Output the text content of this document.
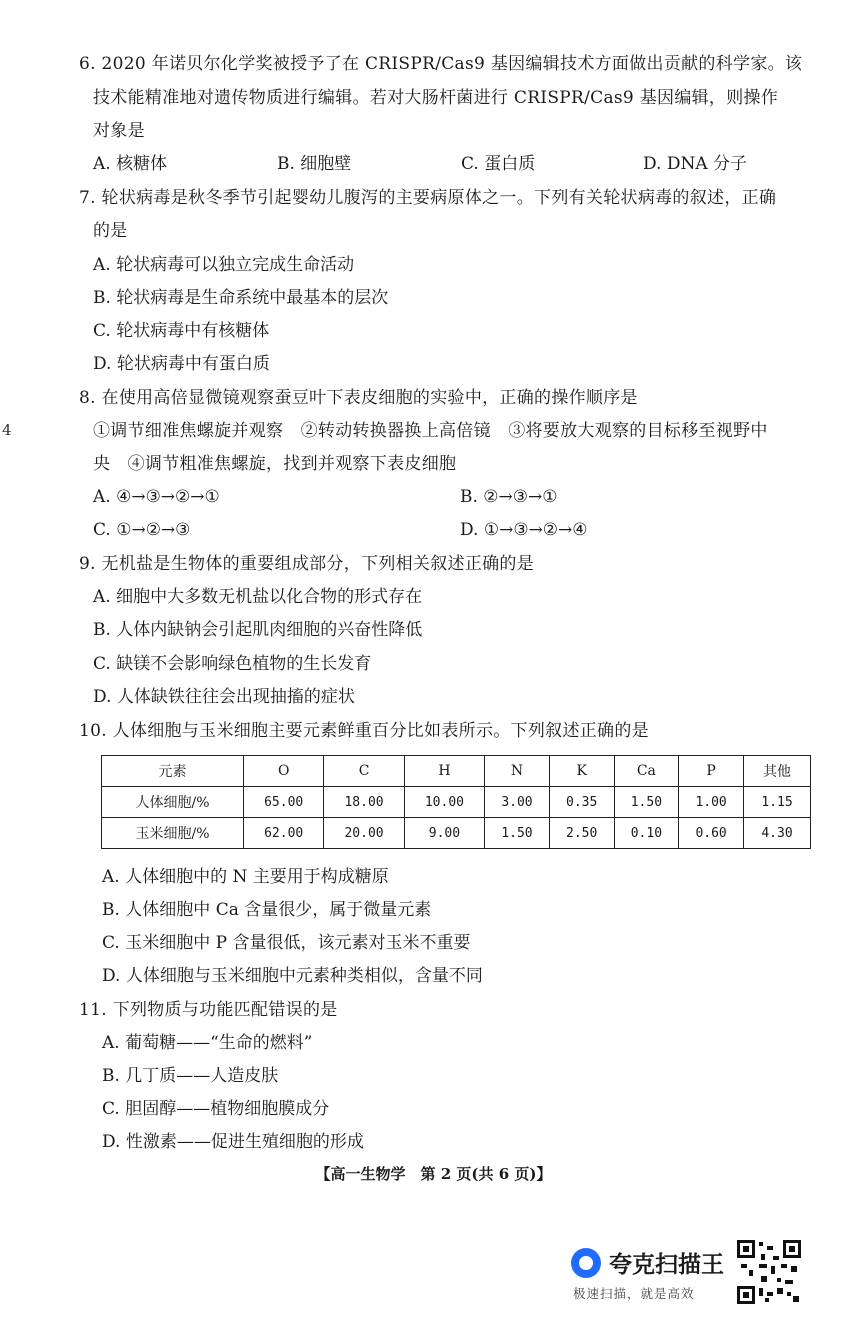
4
6. 2020 年诺贝尔化学奖被授予了在 CRISPR/Cas9 基因编辑技术方面做出贡献的科学家。该
技术能精准地对遗传物质进行编辑。若对大肠杆菌进行 CRISPR/Cas9 基因编辑，则操作
对象是
A. 核糖体	B. 细胞壁	C. 蛋白质	D. DNA 分子
7. 轮状病毒是秋冬季节引起婴幼儿腹泻的主要病原体之一。下列有关轮状病毒的叙述，正确
的是
A. 轮状病毒可以独立完成生命活动
B. 轮状病毒是生命系统中最基本的层次
C. 轮状病毒中有核糖体
D. 轮状病毒中有蛋白质
8. 在使用高倍显微镜观察蚕豆叶下表皮细胞的实验中，正确的操作顺序是
①调节细准焦螺旋并观察　②转动转换器换上高倍镜　③将要放大观察的目标移至视野中
央　④调节粗准焦螺旋，找到并观察下表皮细胞
A. ④→③→②→①	B. ②→③→①
C. ①→②→③	D. ①→③→②→④
9. 无机盐是生物体的重要组成部分，下列相关叙述正确的是
A. 细胞中大多数无机盐以化合物的形式存在
B. 人体内缺钠会引起肌肉细胞的兴奋性降低
C. 缺镁不会影响绿色植物的生长发育
D. 人体缺铁往往会出现抽搐的症状
10. 人体细胞与玉米细胞主要元素鲜重百分比如表所示。下列叙述正确的是
元素	O	C	H	N	K	Ca	P	其他
人体细胞/%	65.00	18.00	10.00	3.00	0.35	1.50	1.00	1.15
玉米细胞/%	62.00	20.00	9.00	1.50	2.50	0.10	0.60	4.30
A. 人体细胞中的 N 主要用于构成糖原
B. 人体细胞中 Ca 含量很少，属于微量元素
C. 玉米细胞中 P 含量很低，该元素对玉米不重要
D. 人体细胞与玉米细胞中元素种类相似，含量不同
11. 下列物质与功能匹配错误的是
A. 葡萄糖——“生命的燃料”
B. 几丁质——人造皮肤
C. 胆固醇——植物细胞膜成分
D. 性激素——促进生殖细胞的形成
【高一生物学　第 2 页(共 6 页)】
夸克扫描王
极速扫描，就是高效
